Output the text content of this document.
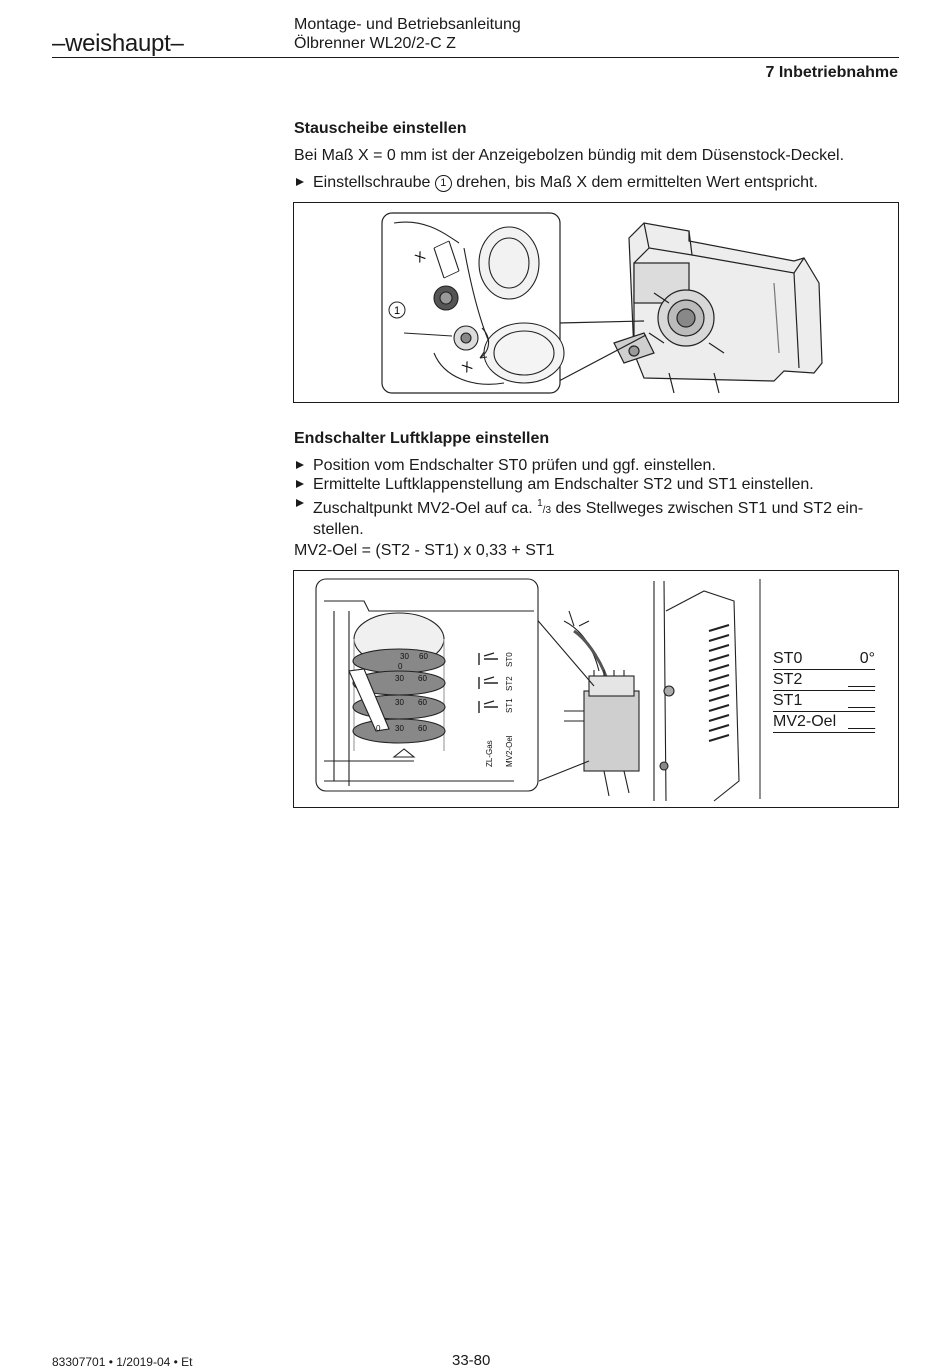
–weishaupt–
Montage- und Betriebsanleitung
Ölbrenner WL20/2-C Z
7 Inbetriebnahme
Stauscheibe einstellen
Bei Maß X = 0 mm ist der Anzeigebolzen bündig mit dem Düsenstock-Deckel.
Einstellschraube 1 drehen, bis Maß X dem ermittelten Wert entspricht.
1
X
X
Endschalter Luftklappe einstellen
Position vom Endschalter ST0 prüfen und ggf. einstellen.
Ermittelte Luftklappenstellung am Endschalter ST2 und ST1 einstellen.
Zuschaltpunkt MV2-Oel auf ca. $^1$/3 des Stellweges zwischen ST1 und ST2 ein-
stellen.
MV2-Oel = (ST2 - ST1) x 0,33 + ST1
30 60
0
30 60
30 60
0 30 60
ST0
ST2
ST1
ZL-Gas MV2-Oel
ST0	0°
ST2	___
ST1	___
MV2-Oel	___
83307701 • 1/2019-04 • Et	33-80
